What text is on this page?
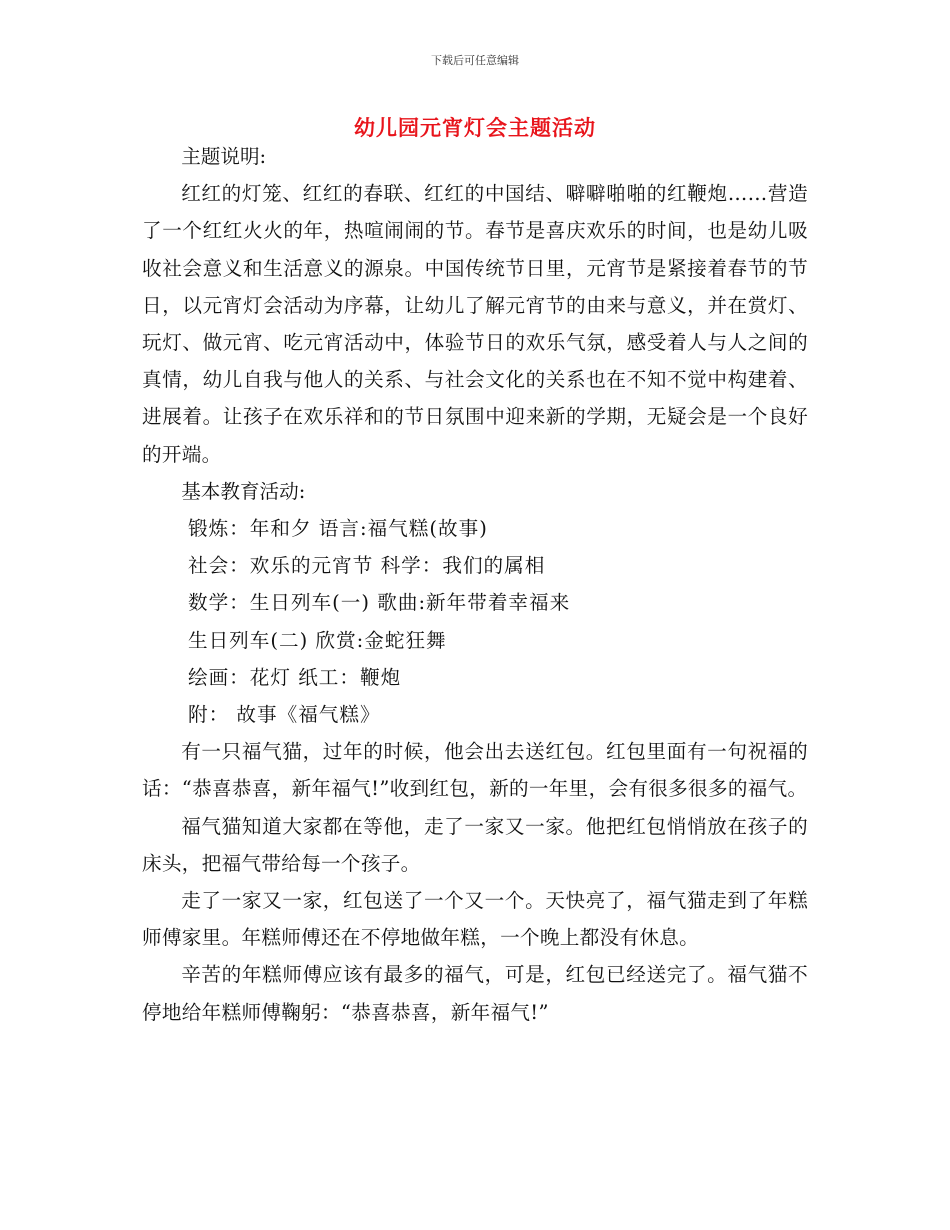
下载后可任意编辑
幼儿园元宵灯会主题活动

主题说明:

红红的灯笼、红红的春联、红红的中国结、噼噼啪啪的红鞭炮……营造了一个红红火火的年，热喧闹闹的节。春节是喜庆欢乐的时间，也是幼儿吸收社会意义和生活意义的源泉。中国传统节日里，元宵节是紧接着春节的节日，以元宵灯会活动为序幕，让幼儿了解元宵节的由来与意义，并在赏灯、玩灯、做元宵、吃元宵活动中，体验节日的欢乐气氛，感受着人与人之间的真情，幼儿自我与他人的关系、与社会文化的关系也在不知不觉中构建着、进展着。让孩子在欢乐祥和的节日氛围中迎来新的学期，无疑会是一个良好的开端。

基本教育活动:

锻炼：年和夕 语言:福气糕(故事)

社会：欢乐的元宵节 科学：我们的属相

数学：生日列车(一) 歌曲:新年带着幸福来

生日列车(二) 欣赏:金蛇狂舞

绘画：花灯 纸工：鞭炮

附： 故事《福气糕》

有一只福气猫，过年的时候，他会出去送红包。红包里面有一句祝福的话：“恭喜恭喜，新年福气!”收到红包，新的一年里，会有很多很多的福气。

福气猫知道大家都在等他，走了一家又一家。他把红包悄悄放在孩子的床头，把福气带给每一个孩子。

走了一家又一家，红包送了一个又一个。天快亮了，福气猫走到了年糕师傅家里。年糕师傅还在不停地做年糕，一个晚上都没有休息。

辛苦的年糕师傅应该有最多的福气，可是，红包已经送完了。福气猫不停地给年糕师傅鞠躬：“恭喜恭喜，新年福气!”
